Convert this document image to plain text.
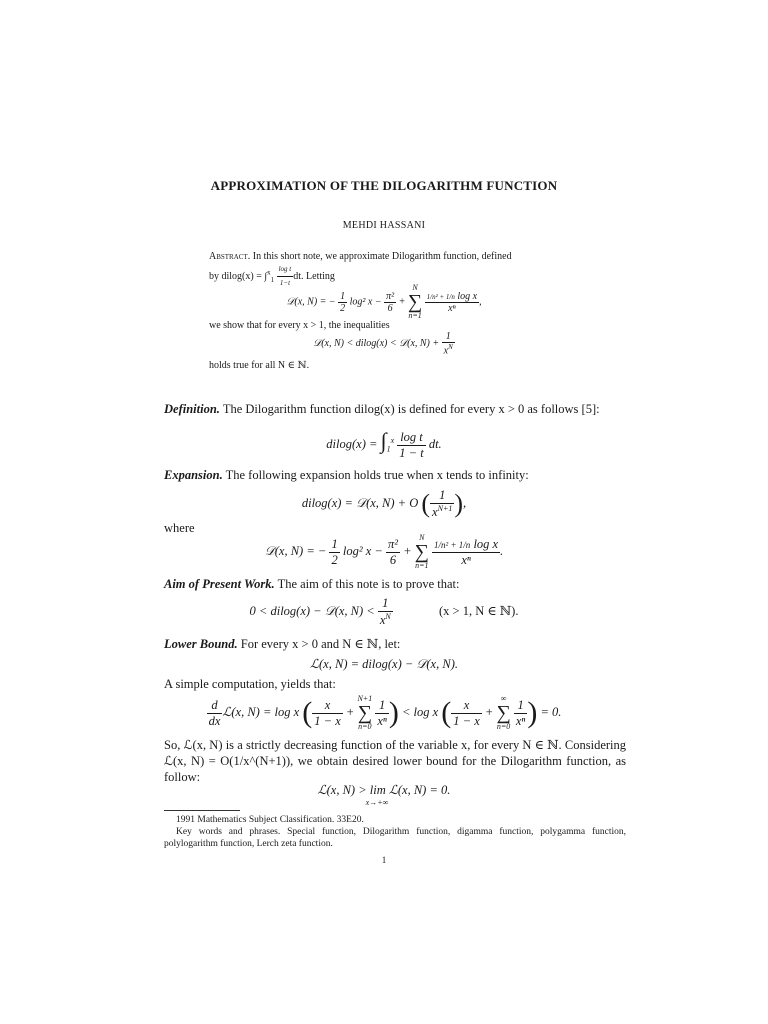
APPROXIMATION OF THE DILOGARITHM FUNCTION
MEHDI HASSANI
Abstract. In this short note, we approximate Dilogarithm function, defined
by $dilog(x) = \int^x_1 \frac{\text{log t}}{1-t}$ dt. Letting
𝒟(x, N) = − $\frac{1}{2} \log^2$ $x - \frac{\text{π²}}{6}$ +
N
∑
n=1

$\frac{\text{1/n² + 1/n log x}}{\text{xⁿ}}$ ,
we show that for every x > 1, the inequalities
𝒟(x, N) < dilog(x) < 𝒟(x, $N) + \frac{1}{x^N}$
holds true for all N ∈ ℕ.
Definition. The Dilogarithm function dilog(x) is defined for every x > 0 as follows [5]:
$dilog(x) = \int_1^x \frac{\text{log t}}{1 - t}$ dt.
Expansion. The following expansion holds true when x tends to infinity:
dilog(x) = 𝒟(x, N) + O ( $\frac{1}{x^{N+1}}$ ),
where
𝒟(x, N) = − $\frac{1}{2} \log^2$ $x - \frac{\text{π²}}{6}$ +
N
∑
n=1
$\frac{\text{1/n² + 1/n log x}}{\text{xⁿ}}$ .
Aim of Present Work. The aim of this note is to prove that:
0 < dilog(x) − 𝒟(x, $N) < \frac{1}{x^N}$	(x > 1, N ∈ ℕ).
Lower Bound. For every x > 0 and N ∈ ℕ, let:
ℒ(x, N) = dilog(x) − 𝒟(x, N).
A simple computation, yields that:
$\frac{d}{dx}$ ℒ(x, N) = log x ( $\frac{x}{1 - x}$ +
N+1
∑
n=0
$\frac{1}{\text{xⁿ}}$ ) < log x ( $\frac{x}{1 - x}$ +
∞
∑
n=0
$\frac{1}{\text{xⁿ}}$ ) = 0.
So, ℒ(x, N) is a strictly decreasing function of the variable x, for every N ∈ ℕ. Considering ℒ(x, N) = O(1/x^(N+1)), we obtain desired lower bound for the Dilogarithm function, as follow:
ℒ(x, N) > lim ℒ(x, N) = 0.
x→+∞
1991 Mathematics Subject Classification. 33E20.
Key words and phrases. Special function, Dilogarithm function, digamma function, polygamma function, polylogarithm function, Lerch zeta function.
1
